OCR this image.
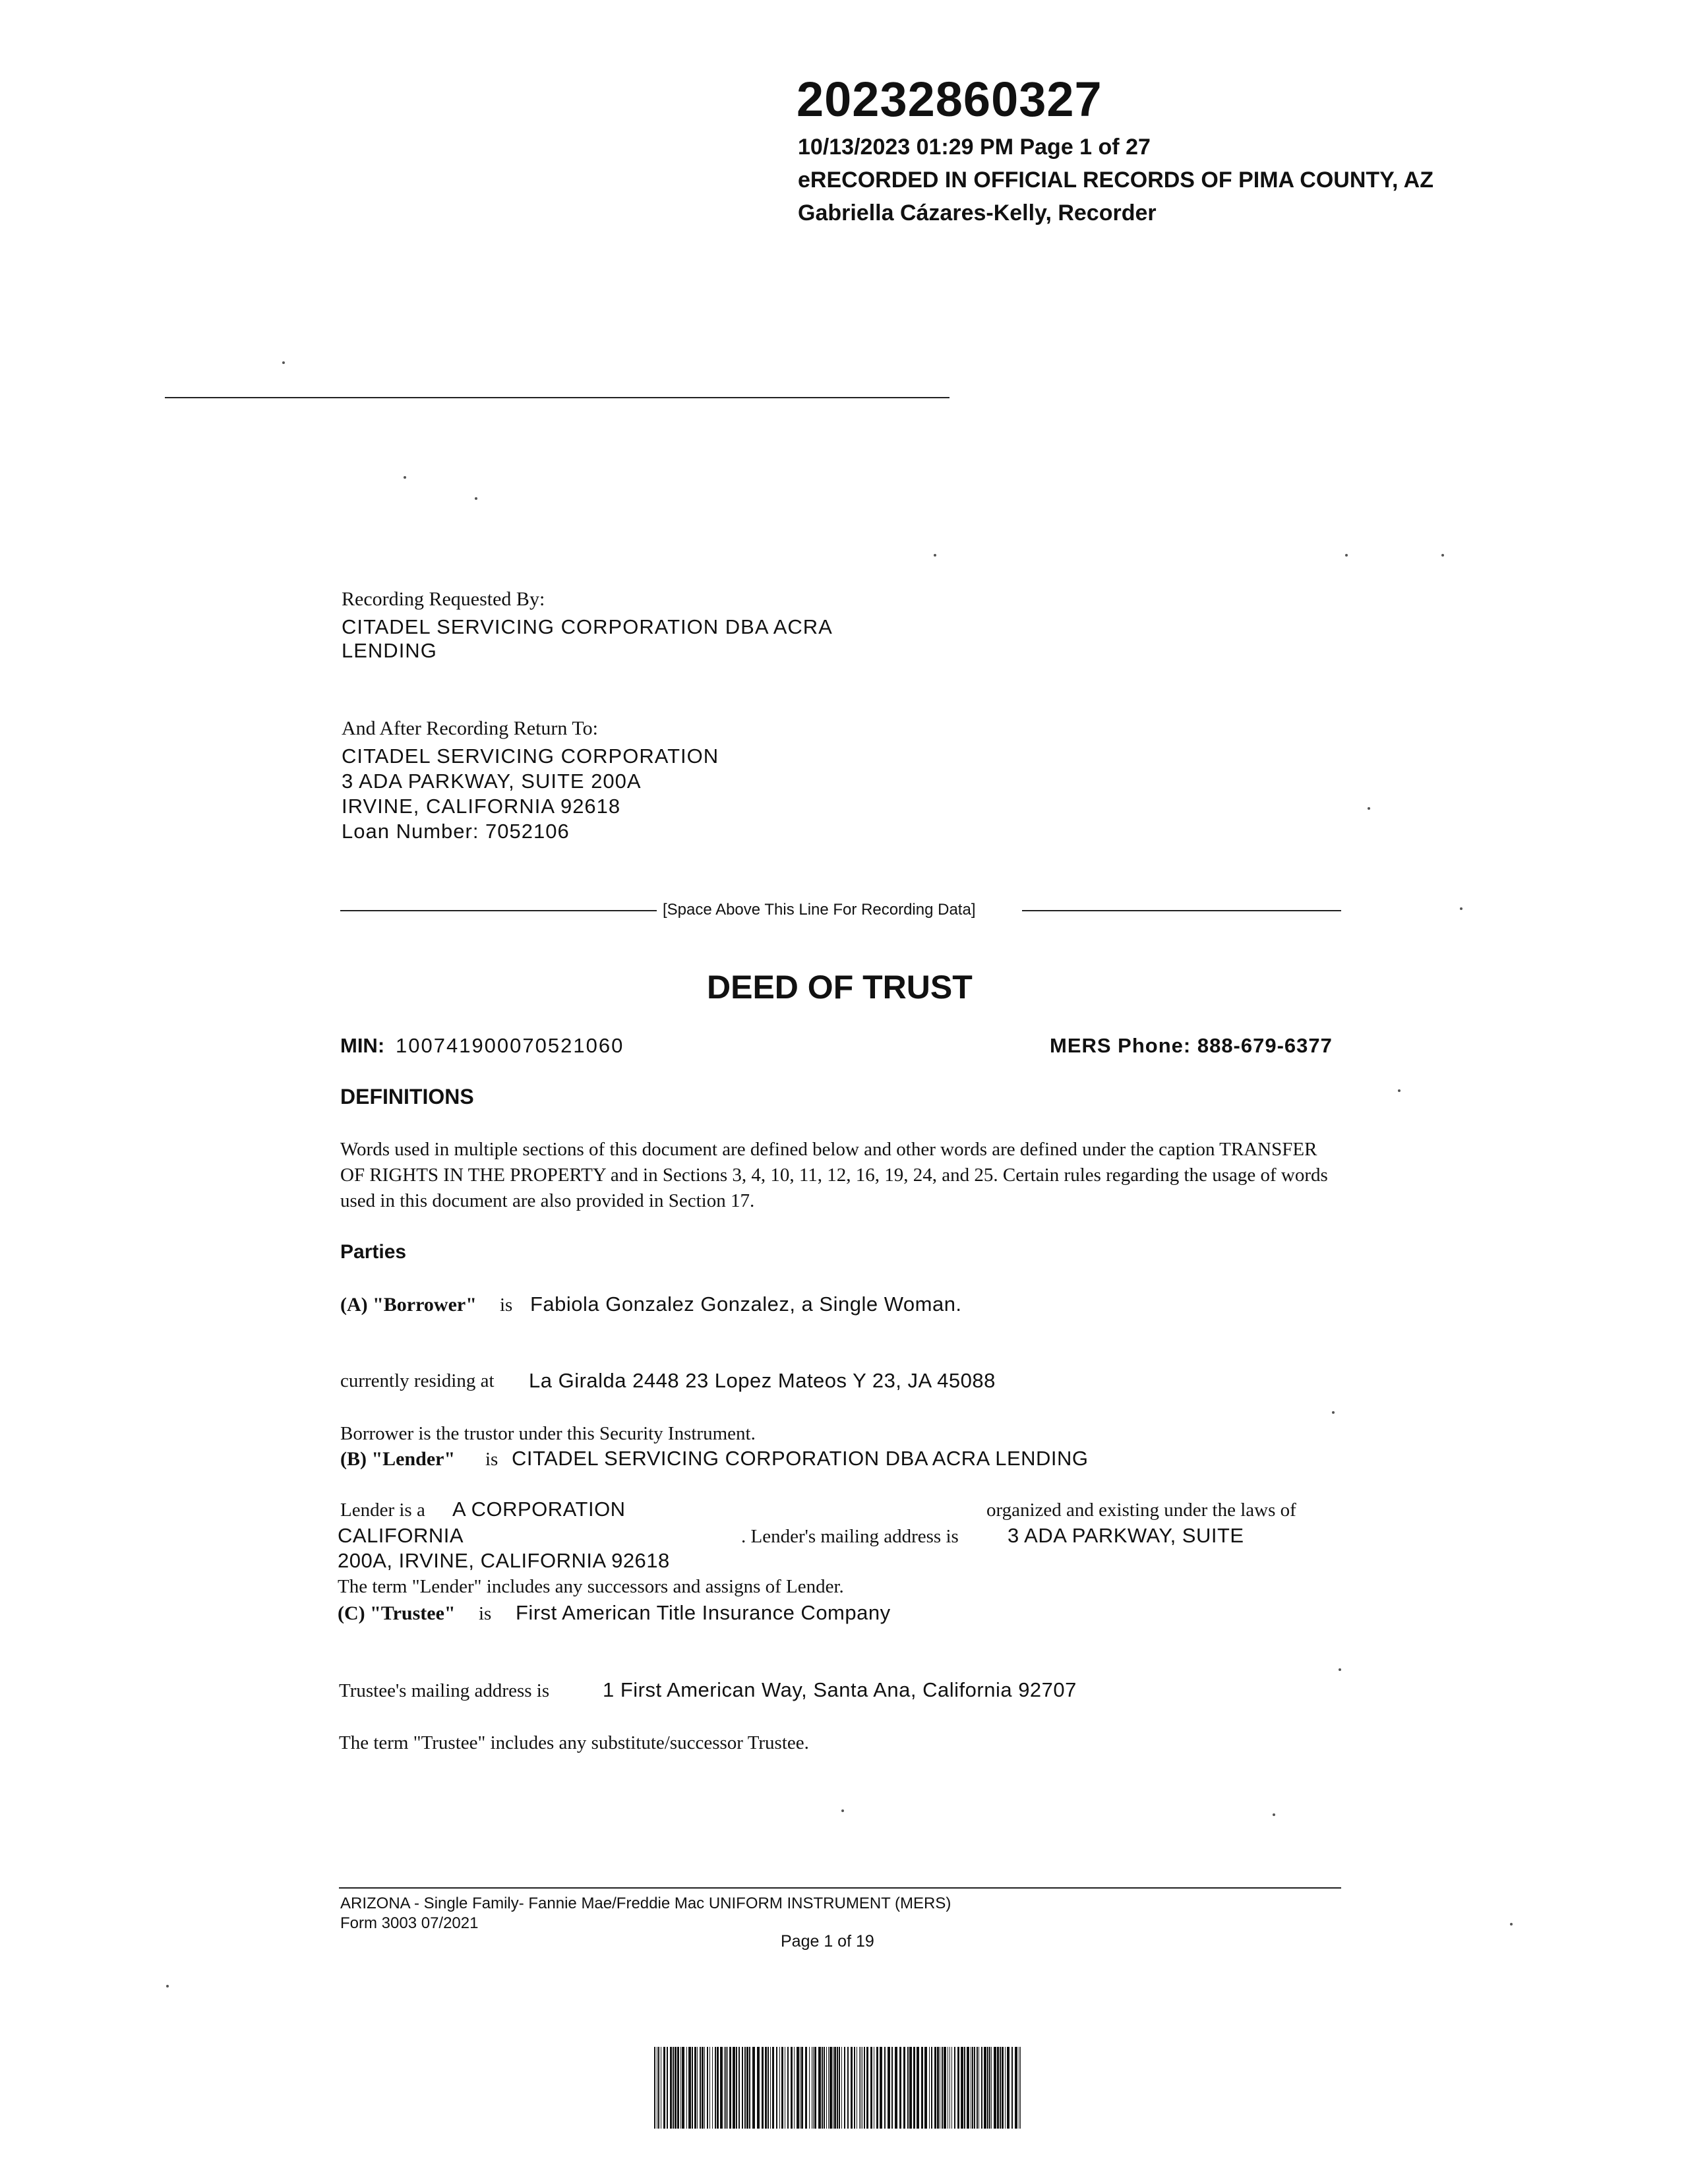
20232860327
10/13/2023 01:29 PM Page 1 of 27
eRECORDED IN OFFICIAL RECORDS OF PIMA COUNTY, AZ
Gabriella Cázares-Kelly, Recorder
Recording Requested By:
CITADEL SERVICING CORPORATION DBA ACRA
LENDING
And After Recording Return To:
CITADEL SERVICING CORPORATION
3 ADA PARKWAY, SUITE 200A
IRVINE, CALIFORNIA 92618
Loan Number: 7052106
[Space Above This Line For Recording Data]
DEED OF TRUST
MIN: 100741900070521060	MERS Phone: 888-679-6377
DEFINITIONS
Words used in multiple sections of this document are defined below and other words are defined under the caption TRANSFER OF RIGHTS IN THE PROPERTY and in Sections 3, 4, 10, 11, 12, 16, 19, 24, and 25. Certain rules regarding the usage of words used in this document are also provided in Section 17.
Parties
(A) "Borrower" is Fabiola Gonzalez Gonzalez, a Single Woman.
currently residing at La Giralda 2448 23 Lopez Mateos Y 23, JA 45088
Borrower is the trustor under this Security Instrument.
(B) "Lender" is CITADEL SERVICING CORPORATION DBA ACRA LENDING
Lender is a A CORPORATION	organized and existing under the laws of
CALIFORNIA	. Lender's mailing address is 3 ADA PARKWAY, SUITE
200A, IRVINE, CALIFORNIA 92618
The term "Lender" includes any successors and assigns of Lender.
(C) "Trustee" is First American Title Insurance Company
Trustee's mailing address is	1 First American Way, Santa Ana, California 92707
The term "Trustee" includes any substitute/successor Trustee.
ARIZONA - Single Family- Fannie Mae/Freddie Mac UNIFORM INSTRUMENT (MERS)
Form 3003 07/2021
Page 1 of 19
